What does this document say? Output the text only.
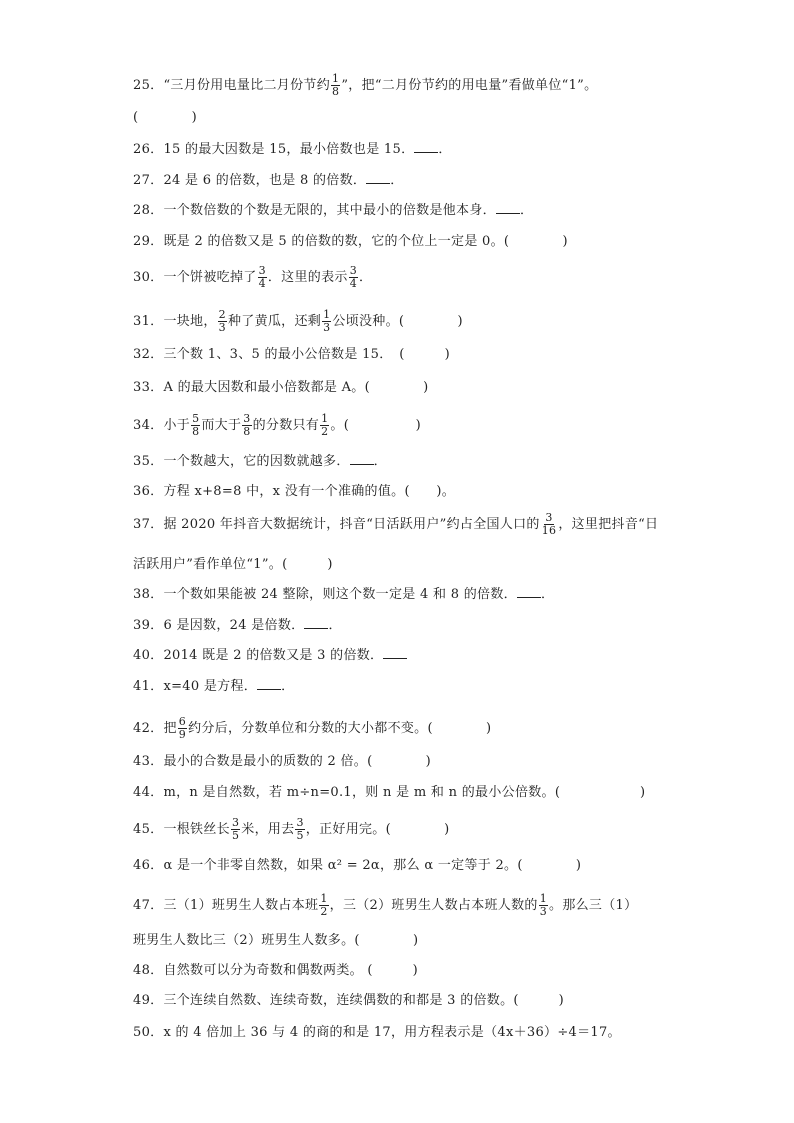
25．“三月份用电量比二月份节约 $\frac{1}{8}$ ”，把“二月份节约的用电量”看做单位“1”。
(　　　　)
26．15 的最大因数是 15，最小倍数也是 15． ．
27．24 是 6 的倍数，也是 8 的倍数． ．
28．一个数倍数的个数是无限的，其中最小的倍数是他本身． ．
29．既是 2 的倍数又是 5 的倍数的数，它的个位上一定是 0。(　　　　)
30．一个饼被吃掉了 $\frac{3}{4}$ ．这里的表示 $\frac{3}{4}$ ．
31．一块地， $\frac{2}{3}$ 种了黄瓜，还剩 $\frac{1}{3}$ 公顷没种。(　　　　)
32．三个数 1、3、5 的最小公倍数是 15．　(　　　)
33．A 的最大因数和最小倍数都是 A。(　　　　)
34．小于 $\frac{5}{8}$ 而大于 $\frac{3}{8}$ 的分数只有 $\frac{1}{2}$ 。(　　　　　)
35．一个数越大，它的因数就越多． ．
36．方程 x+8=8 中，x 没有一个准确的值。(　　)。
37．据 2020 年抖音大数据统计，抖音“日活跃用户”约占全国人口的 $\frac{3}{16}$ ，这里把抖音“日
活跃用户”看作单位“1”。(　　　)
38．一个数如果能被 24 整除，则这个数一定是 4 和 8 的倍数． ．
39．6 是因数，24 是倍数． ．
40．2014 既是 2 的倍数又是 3 的倍数．
41．x=40 是方程． ．
42．把 $\frac{6}{9}$ 约分后，分数单位和分数的大小都不变。(　　　　)
43．最小的合数是最小的质数的 2 倍。(　　　　)
44．m，n 是自然数，若 m÷n=0.1，则 n 是 m 和 n 的最小公倍数。(　　　　　　)
45．一根铁丝长 $\frac{3}{5}$ 米，用去 $\frac{3}{5}$ ，正好用完。(　　　　)
46．α 是一个非零自然数，如果 α² = 2α，那么 α 一定等于 2。(　　　　)
47．三（1）班男生人数占本班 $\frac{1}{2}$ ，三（2）班男生人数占本班人数的 $\frac{1}{3}$ 。那么三（1）
班男生人数比三（2）班男生人数多。(　　　　)
48．自然数可以分为奇数和偶数两类。 (　　　)
49．三个连续自然数、连续奇数，连续偶数的和都是 3 的倍数。(　　　)
50．x 的 4 倍加上 36 与 4 的商的和是 17，用方程表示是（4x＋36）÷4＝17。
